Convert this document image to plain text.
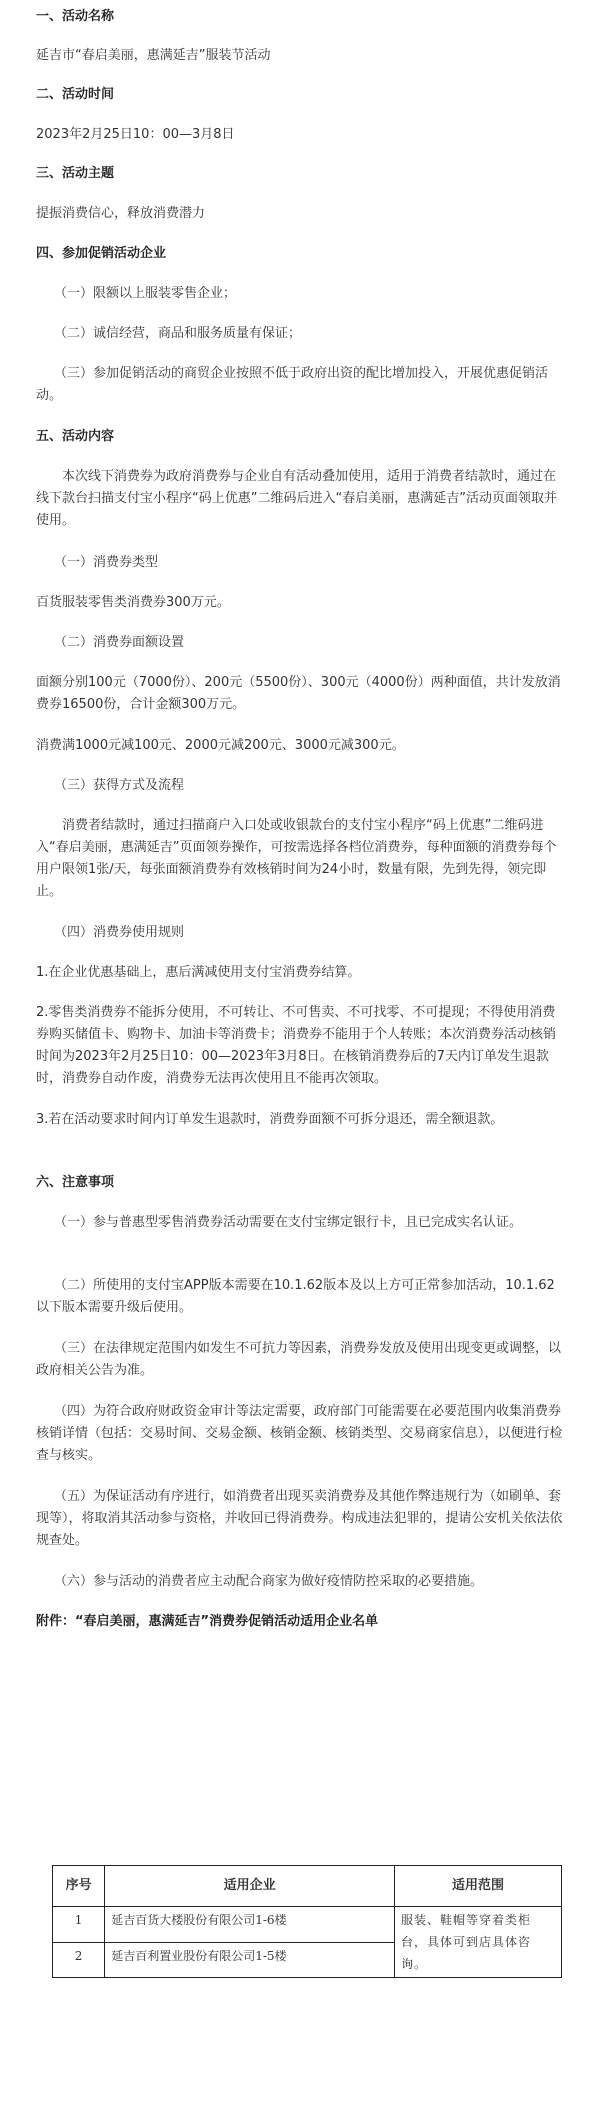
一、活动名称

延吉市“春启美丽，惠满延吉”服装节活动

二、活动时间

2023年2月25日10：00—3月8日

三、活动主题

提振消费信心，释放消费潜力

四、参加促销活动企业

（一）限额以上服装零售企业；

（二）诚信经营，商品和服务质量有保证；

（三）参加促销活动的商贸企业按照不低于政府出资的配比增加投入，开展优惠促销活动。

五、活动内容

本次线下消费券为政府消费券与企业自有活动叠加使用，适用于消费者结款时，通过在线下款台扫描支付宝小程序“码上优惠”二维码后进入“春启美丽，惠满延吉”活动页面领取并使用。

（一）消费券类型

百货服装零售类消费券300万元。

（二）消费券面额设置

面额分别100元（7000份）、200元（5500份）、300元（4000份）两种面值，共计发放消费券16500份，合计金额300万元。

消费满1000元减100元、2000元减200元、3000元减300元。

（三）获得方式及流程

消费者结款时，通过扫描商户入口处或收银款台的支付宝小程序“码上优惠”二维码进入“春启美丽，惠满延吉”页面领券操作，可按需选择各档位消费券，每种面额的消费券每个用户限领1张/天，每张面额消费券有效核销时间为24小时，数量有限，先到先得，领完即止。

（四）消费券使用规则

1.在企业优惠基础上，惠后满减使用支付宝消费券结算。

2.零售类消费券不能拆分使用，不可转让、不可售卖、不可找零、不可提现；不得使用消费券购买储值卡、购物卡、加油卡等消费卡；消费券不能用于个人转账；本次消费券活动核销时间为2023年2月25日10：00—2023年3月8日。在核销消费券后的7天内订单发生退款时，消费券自动作废，消费券无法再次使用且不能再次领取。

3.若在活动要求时间内订单发生退款时，消费券面额不可拆分退还，需全额退款。

六、注意事项

（一）参与普惠型零售消费券活动需要在支付宝绑定银行卡，且已完成实名认证。

（二）所使用的支付宝APP版本需要在10.1.62版本及以上方可正常参加活动，10.1.62以下版本需要升级后使用。

（三）在法律规定范围内如发生不可抗力等因素，消费券发放及使用出现变更或调整，以政府相关公告为准。

（四）为符合政府财政资金审计等法定需要，政府部门可能需要在必要范围内收集消费券核销详情（包括：交易时间、交易金额、核销金额、核销类型、交易商家信息），以便进行检查与核实。

（五）为保证活动有序进行，如消费者出现买卖消费券及其他作弊违规行为（如刷单、套现等），将取消其活动参与资格，并收回已得消费券。构成违法犯罪的，提请公安机关依法依规查处。

（六）参与活动的消费者应主动配合商家为做好疫情防控采取的必要措施。

附件：“春启美丽，惠满延吉”消费券促销活动适用企业名单

序号	适用企业	适用范围
1	延吉百货大楼股份有限公司1-6楼	服装、鞋帽等穿着类柜台，具体可到店具体咨询。
2	延吉百利置业股份有限公司1-5楼	
